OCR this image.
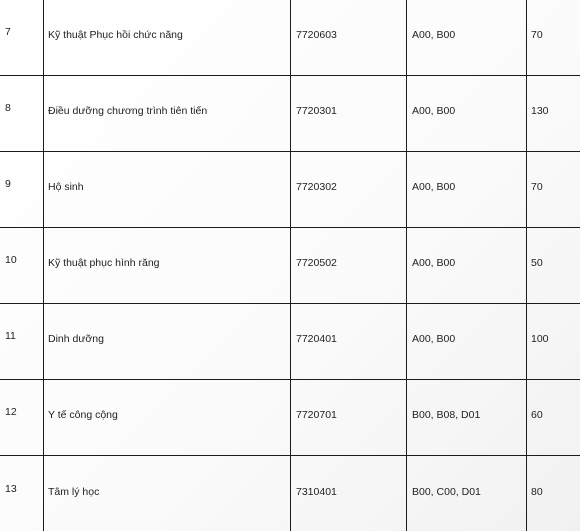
7	Kỹ thuật Phục hồi chức năng	7720603	A00, B00	70

8	Điều dưỡng chương trình tiên tiến	7720301	A00, B00	130

9	Hộ sinh	7720302	A00, B00	70

10	Kỹ thuật phục hình răng	7720502	A00, B00	50

11	Dinh dưỡng	7720401	A00, B00	100

12	Y tế công cộng	7720701	B00, B08, D01	60

13	Tâm lý học	7310401	B00, C00, D01	80
